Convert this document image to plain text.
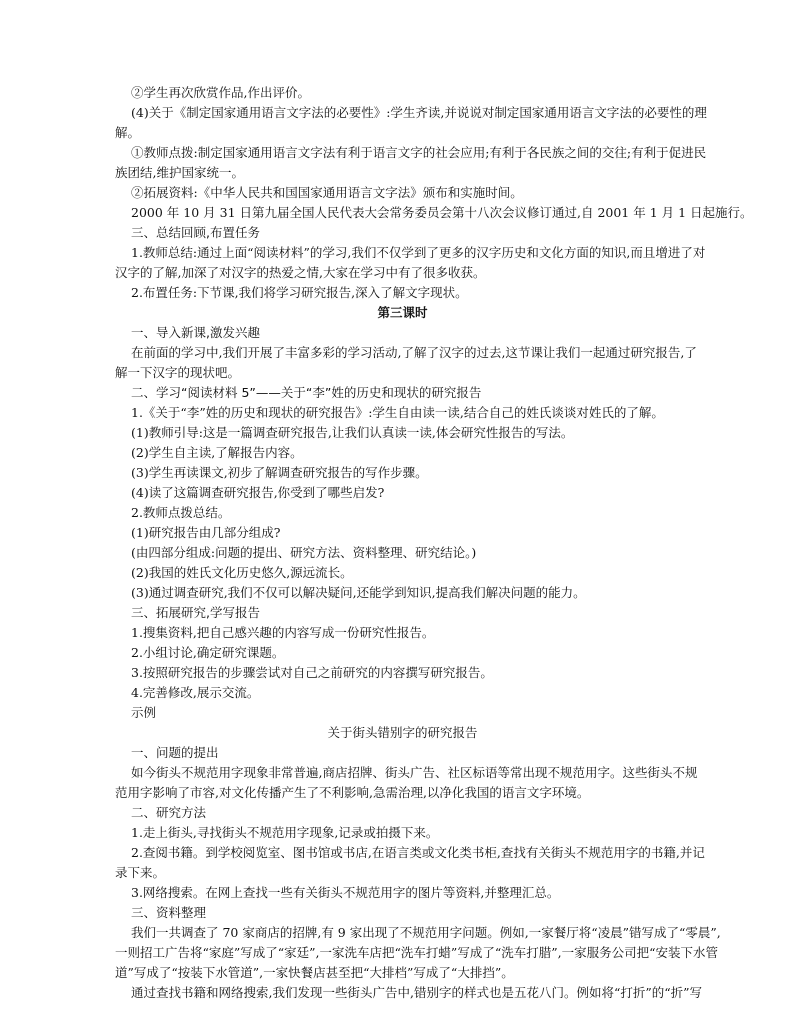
②学生再次欣赏作品,作出评价。
(4)关于《制定国家通用语言文字法的必要性》:学生齐读,并说说对制定国家通用语言文字法的必要性的理
解。
①教师点拨:制定国家通用语言文字法有利于语言文字的社会应用;有利于各民族之间的交往;有利于促进民
族团结,维护国家统一。
②拓展资料:《中华人民共和国国家通用语言文字法》颁布和实施时间。
2000 年 10 月 31 日第九届全国人民代表大会常务委员会第十八次会议修订通过,自 2001 年 1 月 1 日起施行。
三、总结回顾,布置任务
1.教师总结:通过上面“阅读材料”的学习,我们不仅学到了更多的汉字历史和文化方面的知识,而且增进了对
汉字的了解,加深了对汉字的热爱之情,大家在学习中有了很多收获。
2.布置任务:下节课,我们将学习研究报告,深入了解文字现状。
第三课时
一、导入新课,激发兴趣
在前面的学习中,我们开展了丰富多彩的学习活动,了解了汉字的过去,这节课让我们一起通过研究报告,了
解一下汉字的现状吧。
二、学习“阅读材料 5”——关于“李”姓的历史和现状的研究报告
1.《关于“李”姓的历史和现状的研究报告》:学生自由读一读,结合自己的姓氏谈谈对姓氏的了解。
(1)教师引导:这是一篇调查研究报告,让我们认真读一读,体会研究性报告的写法。
(2)学生自主读,了解报告内容。
(3)学生再读课文,初步了解调查研究报告的写作步骤。
(4)读了这篇调查研究报告,你受到了哪些启发?
2.教师点拨总结。
(1)研究报告由几部分组成?
(由四部分组成:问题的提出、研究方法、资料整理、研究结论。)
(2)我国的姓氏文化历史悠久,源远流长。
(3)通过调查研究,我们不仅可以解决疑问,还能学到知识,提高我们解决问题的能力。
三、拓展研究,学写报告
1.搜集资料,把自己感兴趣的内容写成一份研究性报告。
2.小组讨论,确定研究课题。
3.按照研究报告的步骤尝试对自己之前研究的内容撰写研究报告。
4.完善修改,展示交流。
示例
关于街头错别字的研究报告
一、问题的提出
如今街头不规范用字现象非常普遍,商店招牌、街头广告、社区标语等常出现不规范用字。这些街头不规
范用字影响了市容,对文化传播产生了不利影响,急需治理,以净化我国的语言文字环境。
二、研究方法
1.走上街头,寻找街头不规范用字现象,记录或拍摄下来。
2.查阅书籍。到学校阅览室、图书馆或书店,在语言类或文化类书柜,查找有关街头不规范用字的书籍,并记
录下来。
3.网络搜索。在网上查找一些有关街头不规范用字的图片等资料,并整理汇总。
三、资料整理
我们一共调查了 70 家商店的招牌,有 9 家出现了不规范用字问题。例如,一家餐厅将“凌晨”错写成了“零晨”,
一则招工广告将“家庭”写成了“家廷”,一家洗车店把“洗车打蜡”写成了“洗车打腊”,一家服务公司把“安装下水管
道”写成了“按装下水管道”,一家快餐店甚至把“大排档”写成了“大排挡”。
通过查找书籍和网络搜索,我们发现一些街头广告中,错别字的样式也是五花八门。例如将“打折”的“折”写
